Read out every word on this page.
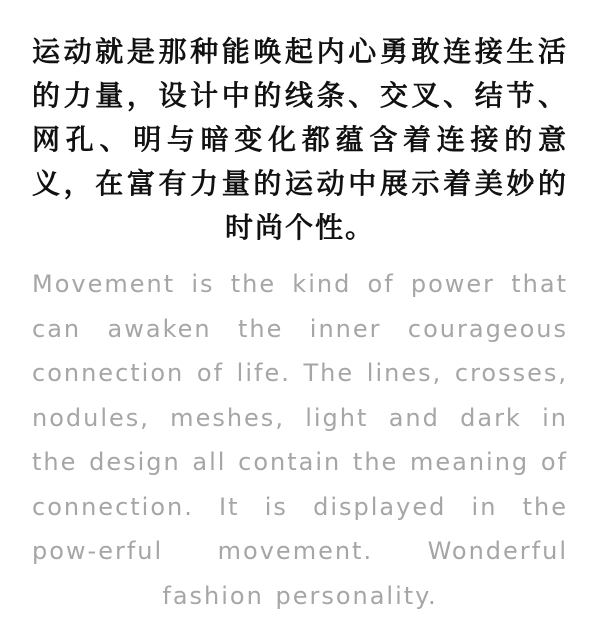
运动就是那种能唤起内心勇敢连接生活的力量，设计中的线条、交叉、结节、网孔、明与暗变化都蕴含着连接的意义，在富有力量的运动中展示着美妙的时尚个性。

Movement is the kind of power that can awaken the inner courageous connection of life. The lines, crosses, nodules, meshes, light and dark in the design all contain the meaning of connection. It is displayed in the pow-erful movement. Wonderful fashion personality.
